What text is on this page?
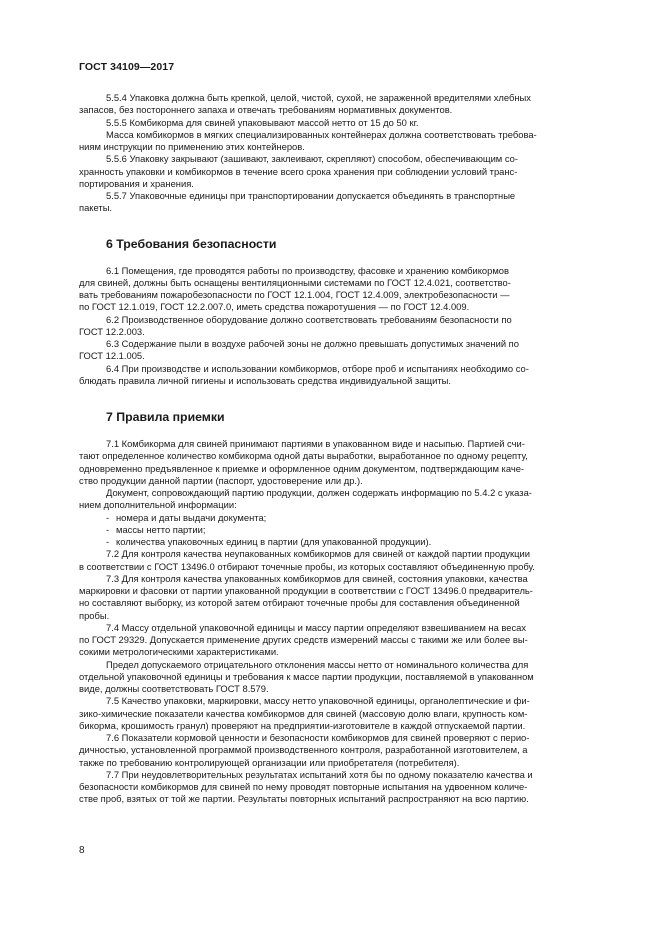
ГОСТ 34109—2017

5.5.4 Упаковка должна быть крепкой, целой, чистой, сухой, не зараженной вредителями хлебных
запасов, без постороннего запаха и отвечать требованиям нормативных документов.

5.5.5 Комбикорма для свиней упаковывают массой нетто от 15 до 50 кг.

Масса комбикормов в мягких специализированных контейнерах должна соответствовать требова-
ниям инструкции по применению этих контейнеров.

5.5.6 Упаковку закрывают (зашивают, заклеивают, скрепляют) способом, обеспечивающим со-
хранность упаковки и комбикормов в течение всего срока хранения при соблюдении условий транс-
портирования и хранения.

5.5.7 Упаковочные единицы при транспортировании допускается объединять в транспортные
пакеты.

6 Требования безопасности

6.1 Помещения, где проводятся работы по производству, фасовке и хранению комбикормов
для свиней, должны быть оснащены вентиляционными системами по ГОСТ 12.4.021, соответство-
вать требованиям пожаробезопасности по ГОСТ 12.1.004, ГОСТ 12.4.009, электробезопасности —
по ГОСТ 12.1.019, ГОСТ 12.2.007.0, иметь средства пожаротушения — по ГОСТ 12.4.009.

6.2 Производственное оборудование должно соответствовать требованиям безопасности по
ГОСТ 12.2.003.

6.3 Содержание пыли в воздухе рабочей зоны не должно превышать допустимых значений по
ГОСТ 12.1.005.

6.4 При производстве и использовании комбикормов, отборе проб и испытаниях необходимо со-
блюдать правила личной гигиены и использовать средства индивидуальной защиты.

7 Правила приемки

7.1 Комбикорма для свиней принимают партиями в упакованном виде и насыпью. Партией счи-
тают определенное количество комбикорма одной даты выработки, выработанное по одному рецепту,
одновременно предъявленное к приемке и оформленное одним документом, подтверждающим каче-
ство продукции данной партии (паспорт, удостоверение или др.).

Документ, сопровождающий партию продукции, должен содержать информацию по 5.4.2 с указа-
нием дополнительной информации:

- номера и даты выдачи документа;
- массы нетто партии;
- количества упаковочных единиц в партии (для упакованной продукции).

7.2 Для контроля качества неупакованных комбикормов для свиней от каждой партии продукции
в соответствии с ГОСТ 13496.0 отбирают точечные пробы, из которых составляют объединенную пробу.

7.3 Для контроля качества упакованных комбикормов для свиней, состояния упаковки, качества
маркировки и фасовки от партии упакованной продукции в соответствии с ГОСТ 13496.0 предваритель-
но составляют выборку, из которой затем отбирают точечные пробы для составления объединенной
пробы.

7.4 Массу отдельной упаковочной единицы и массу партии определяют взвешиванием на весах
по ГОСТ 29329. Допускается применение других средств измерений массы с такими же или более вы-
сокими метрологическими характеристиками.

Предел допускаемого отрицательного отклонения массы нетто от номинального количества для
отдельной упаковочной единицы и требования к массе партии продукции, поставляемой в упакованном
виде, должны соответствовать ГОСТ 8.579.

7.5 Качество упаковки, маркировки, массу нетто упаковочной единицы, органолептические и фи-
зико-химические показатели качества комбикормов для свиней (массовую долю влаги, крупность ком-
бикорма, крошимость гранул) проверяют на предприятии-изготовителе в каждой отпускаемой партии.

7.6 Показатели кормовой ценности и безопасности комбикормов для свиней проверяют с перио-
дичностью, установленной программой производственного контроля, разработанной изготовителем, а
также по требованию контролирующей организации или приобретателя (потребителя).

7.7 При неудовлетворительных результатах испытаний хотя бы по одному показателю качества и
безопасности комбикормов для свиней по нему проводят повторные испытания на удвоенном количе-
стве проб, взятых от той же партии. Результаты повторных испытаний распространяют на всю партию.

8
